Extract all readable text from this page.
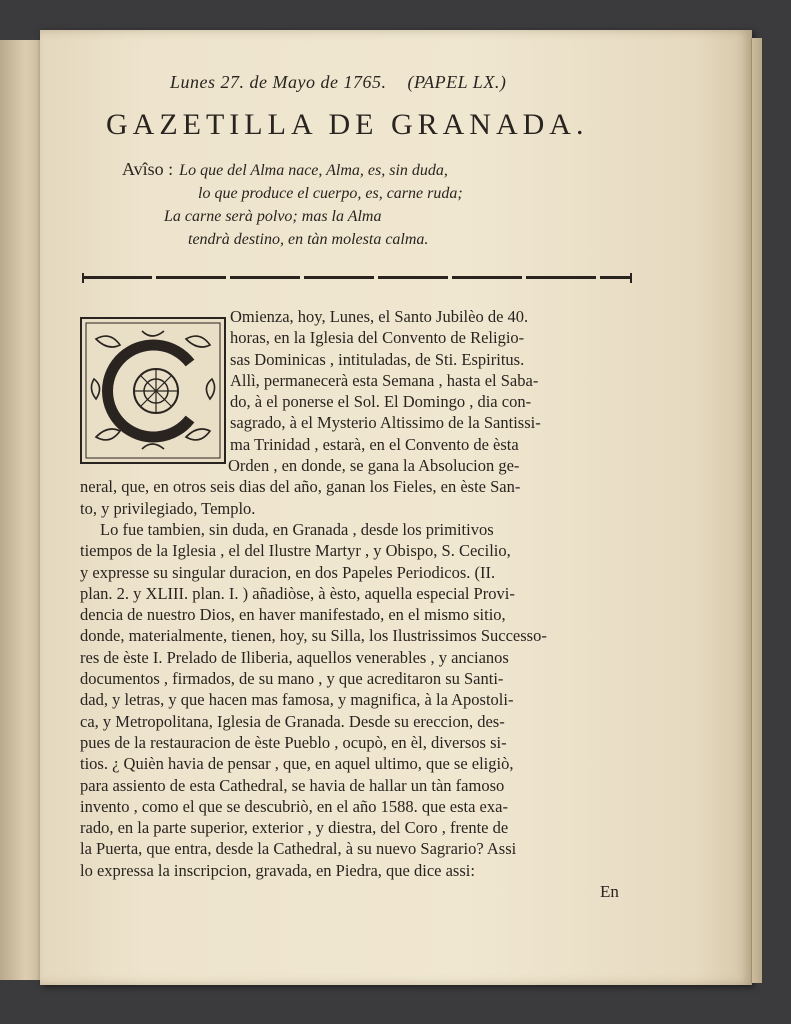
Lunes 27. de Mayo de 1765. (PAPEL LX.)
GAZETILLA DE GRANADA.
Avîso : Lo que del Alma nace, Alma, es, sin duda,
lo que produce el cuerpo, es, carne ruda;
La carne serà polvo; mas la Alma
tendrà destino, en tàn molesta calma.
Omienza, hoy, Lunes, el Santo Jubilèo de 40.
horas, en la Iglesia del Convento de Religio-
sas Dominicas , intituladas, de Sti. Espiritus.
Allì, permanecerà esta Semana , hasta el Saba-
do, à el ponerse el Sol. El Domingo , dia con-
sagrado, à el Mysterio Altissimo de la Santissi-
ma Trinidad , estarà, en el Convento de èsta
Orden , en donde, se gana la Absolucion ge-
neral, que, en otros seis dias del año, ganan los Fieles, en èste San-
to, y privilegiado, Templo.
Lo fue tambien, sin duda, en Granada , desde los primitivos
tiempos de la Iglesia , el del Ilustre Martyr , y Obispo, S. Cecilio,
y expresse su singular duracion, en dos Papeles Periodicos. (II.
plan. 2. y XLIII. plan. I. ) añadiòse, à èsto, aquella especial Provi-
dencia de nuestro Dios, en haver manifestado, en el mismo sitio,
donde, materialmente, tienen, hoy, su Silla, los Ilustrissimos Successo-
res de èste I. Prelado de Iliberia, aquellos venerables , y ancianos
documentos , firmados, de su mano , y que acreditaron su Santi-
dad, y letras, y que hacen mas famosa, y magnifica, à la Apostoli-
ca, y Metropolitana, Iglesia de Granada. Desde su ereccion, des-
pues de la restauracion de èste Pueblo , ocupò, en èl, diversos si-
tios. ¿ Quièn havia de pensar , que, en aquel ultimo, que se eligiò,
para assiento de esta Cathedral, se havia de hallar un tàn famoso
invento , como el que se descubriò, en el año 1588. que esta exa-
rado, en la parte superior, exterior , y diestra, del Coro , frente de
la Puerta, que entra, desde la Cathedral, à su nuevo Sagrario? Assi
lo expressa la inscripcion, gravada, en Piedra, que dice assi:
En
